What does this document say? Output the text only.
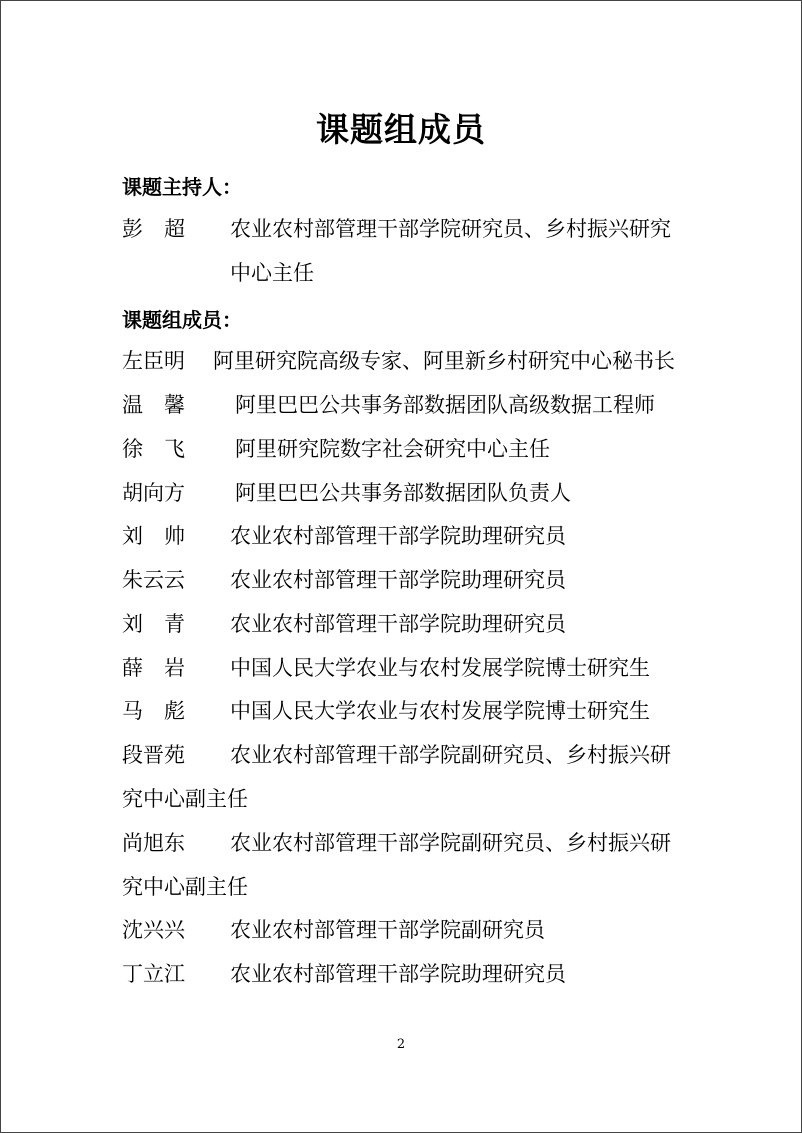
课题组成员
课题主持人：
彭　超 农业农村部管理干部学院研究员、乡村振兴研究
中心主任
课题组成员：
左臣明 阿里研究院高级专家、阿里新乡村研究中心秘书长
温　馨 阿里巴巴公共事务部数据团队高级数据工程师
徐　飞 阿里研究院数字社会研究中心主任
胡向方 阿里巴巴公共事务部数据团队负责人
刘　帅 农业农村部管理干部学院助理研究员
朱云云 农业农村部管理干部学院助理研究员
刘　青 农业农村部管理干部学院助理研究员
薛　岩 中国人民大学农业与农村发展学院博士研究生
马　彪 中国人民大学农业与农村发展学院博士研究生
段晋苑 农业农村部管理干部学院副研究员、乡村振兴研
究中心副主任
尚旭东 农业农村部管理干部学院副研究员、乡村振兴研
究中心副主任
沈兴兴 农业农村部管理干部学院副研究员
丁立江 农业农村部管理干部学院助理研究员
2
